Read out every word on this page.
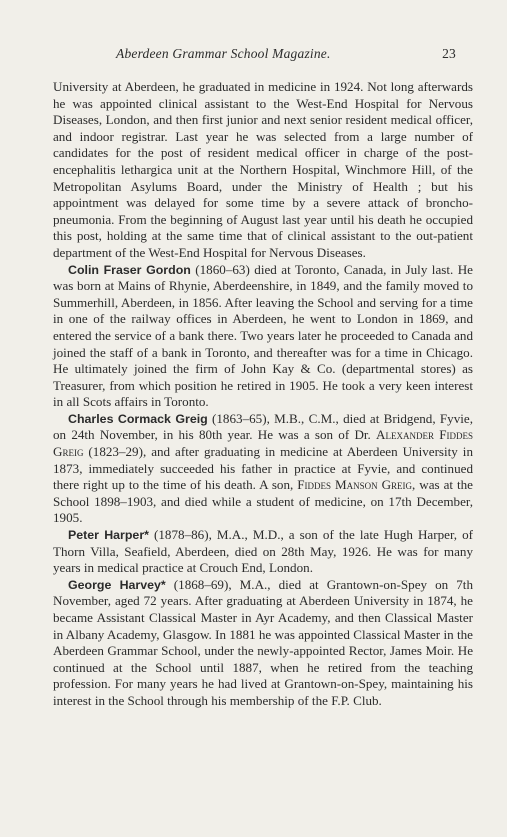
Aberdeen Grammar School Magazine.	23

University at Aberdeen, he graduated in medicine in 1924. Not long afterwards he was appointed clinical assistant to the West-End Hospital for Nervous Diseases, London, and then first junior and next senior resident medical officer, and indoor registrar. Last year he was selected from a large number of candidates for the post of resident medical officer in charge of the post-encephalitis lethargica unit at the Northern Hospital, Winchmore Hill, of the Metropolitan Asylums Board, under the Ministry of Health ; but his appointment was delayed for some time by a severe attack of broncho-pneumonia. From the beginning of August last year until his death he occupied this post, holding at the same time that of clinical assistant to the out-patient department of the West-End Hospital for Nervous Diseases.

Colin Fraser Gordon (1860–63) died at Toronto, Canada, in July last. He was born at Mains of Rhynie, Aberdeenshire, in 1849, and the family moved to Summerhill, Aberdeen, in 1856. After leaving the School and serving for a time in one of the railway offices in Aberdeen, he went to London in 1869, and entered the service of a bank there. Two years later he proceeded to Canada and joined the staff of a bank in Toronto, and thereafter was for a time in Chicago. He ultimately joined the firm of John Kay & Co. (departmental stores) as Treasurer, from which position he retired in 1905. He took a very keen interest in all Scots affairs in Toronto.

Charles Cormack Greig (1863–65), M.B., C.M., died at Bridgend, Fyvie, on 24th November, in his 80th year. He was a son of Dr. Alexander Fiddes Greig (1823–29), and after graduating in medicine at Aberdeen University in 1873, immediately succeeded his father in practice at Fyvie, and continued there right up to the time of his death. A son, Fiddes Manson Greig, was at the School 1898–1903, and died while a student of medicine, on 17th December, 1905.

Peter Harper* (1878–86), M.A., M.D., a son of the late Hugh Harper, of Thorn Villa, Seafield, Aberdeen, died on 28th May, 1926. He was for many years in medical practice at Crouch End, London.

George Harvey* (1868–69), M.A., died at Grantown-on-Spey on 7th November, aged 72 years. After graduating at Aberdeen University in 1874, he became Assistant Classical Master in Ayr Academy, and then Classical Master in Albany Academy, Glasgow. In 1881 he was appointed Classical Master in the Aberdeen Grammar School, under the newly-appointed Rector, James Moir. He continued at the School until 1887, when he retired from the teaching profession. For many years he had lived at Grantown-on-Spey, maintaining his interest in the School through his membership of the F.P. Club.
